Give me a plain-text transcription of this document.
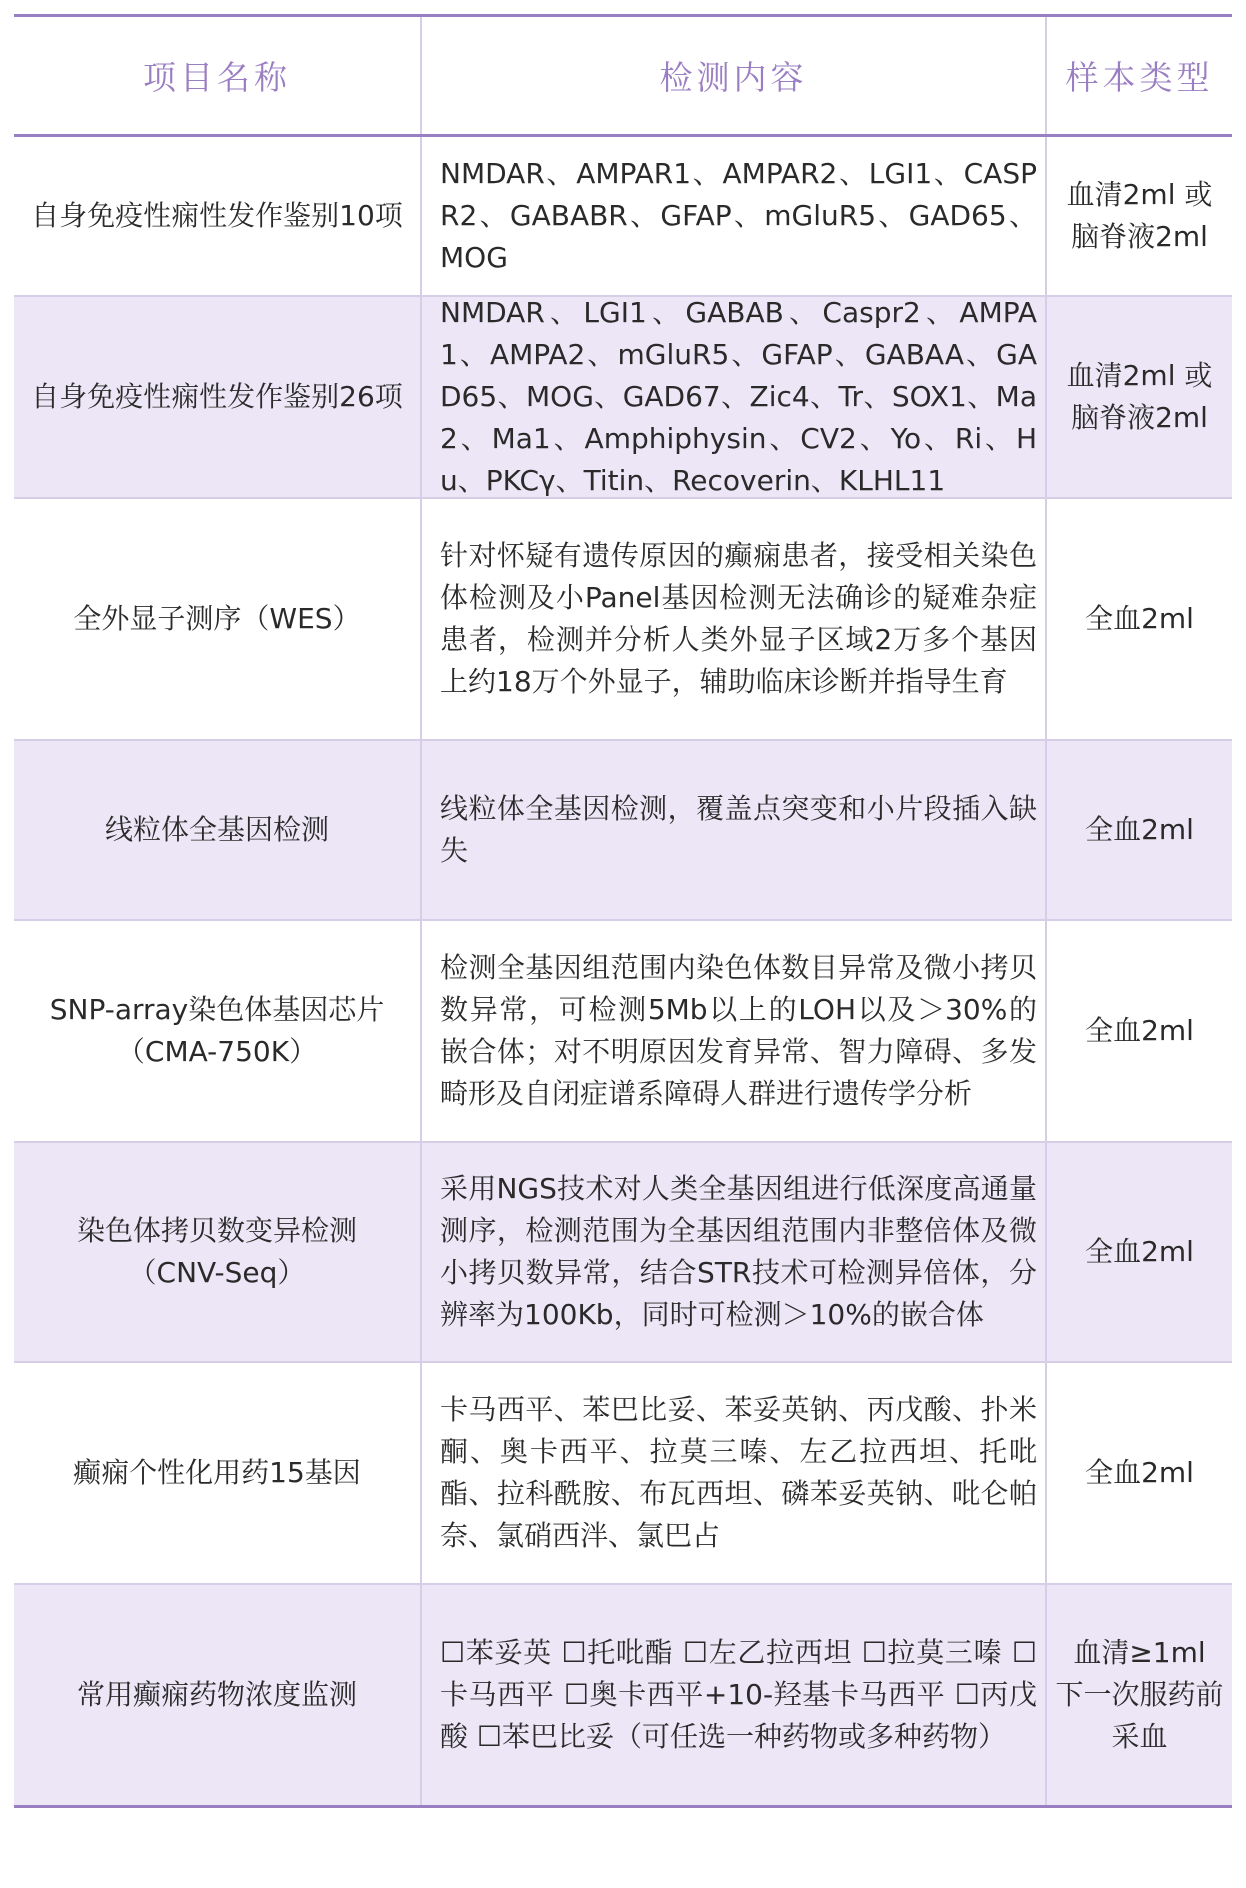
项目名称	检测内容	样本类型
自身免疫性痫性发作鉴别10项
NMDAR、AMPAR1、AMPAR2、LGI1、CASPR2、GABABR、GFAP、mGluR5、GAD65、MOG
血清2ml 或
脑脊液2ml
自身免疫性痫性发作鉴别26项
NMDAR、LGI1、GABAB、Caspr2、AMPA1、AMPA2、mGluR5、GFAP、GABAA、GAD65、MOG、GAD67、Zic4、Tr、SOX1、Ma2、Ma1、Amphiphysin、CV2、Yo、Ri、Hu、PKCγ、Titin、Recoverin、KLHL11
血清2ml 或
脑脊液2ml
全外显子测序（WES）
针对怀疑有遗传原因的癫痫患者，接受相关染色体检测及小Panel基因检测无法确诊的疑难杂症患者，检测并分析人类外显子区域2万多个基因上约18万个外显子，辅助临床诊断并指导生育
全血2ml
线粒体全基因检测
线粒体全基因检测，覆盖点突变和小片段插入缺失
全血2ml
SNP-array染色体基因芯片
（CMA-750K）
检测全基因组范围内染色体数目异常及微小拷贝数异常，可检测5Mb以上的LOH以及＞30%的嵌合体；对不明原因发育异常、智力障碍、多发畸形及自闭症谱系障碍人群进行遗传学分析
全血2ml
染色体拷贝数变异检测
（CNV-Seq）
采用NGS技术对人类全基因组进行低深度高通量测序，检测范围为全基因组范围内非整倍体及微小拷贝数异常，结合STR技术可检测异倍体，分辨率为100Kb，同时可检测＞10%的嵌合体
全血2ml
癫痫个性化用药15基因
卡马西平、苯巴比妥、苯妥英钠、丙戊酸、扑米酮、奥卡西平、拉莫三嗪、左乙拉西坦、托吡酯、拉科酰胺、布瓦西坦、磷苯妥英钠、吡仑帕奈、氯硝西泮、氯巴占
全血2ml
常用癫痫药物浓度监测
☐苯妥英 ☐托吡酯 ☐左乙拉西坦 ☐拉莫三嗪 ☐卡马西平 ☐奥卡西平+10-羟基卡马西平 ☐丙戊酸 ☐苯巴比妥（可任选一种药物或多种药物）
血清≥1ml
下一次服药前
采血
